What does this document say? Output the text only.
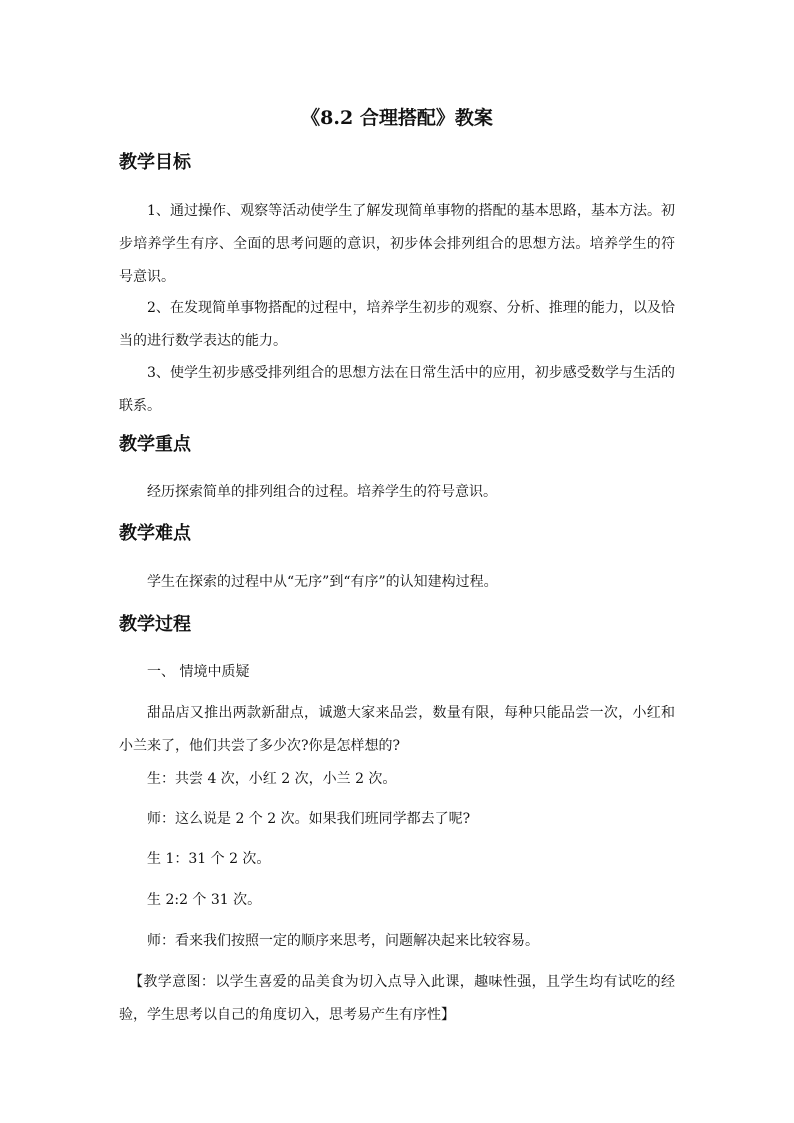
《8.2 合理搭配》教案
教学目标
1、通过操作、观察等活动使学生了解发现简单事物的搭配的基本思路，基本方法。初步培养学生有序、全面的思考问题的意识，初步体会排列组合的思想方法。培养学生的符号意识。
2、在发现简单事物搭配的过程中，培养学生初步的观察、分析、推理的能力，以及恰当的进行数学表达的能力。
3、使学生初步感受排列组合的思想方法在日常生活中的应用，初步感受数学与生活的联系。
教学重点
经历探索简单的排列组合的过程。培养学生的符号意识。
教学难点
学生在探索的过程中从“无序”到“有序”的认知建构过程。
教学过程
一、 情境中质疑
甜品店又推出两款新甜点，诚邀大家来品尝，数量有限，每种只能品尝一次，小红和小兰来了，他们共尝了多少次?你是怎样想的?
生：共尝 4 次，小红 2 次，小兰 2 次。
师：这么说是 2 个 2 次。如果我们班同学都去了呢?
生 1：31 个 2 次。
生 2:2 个 31 次。
师：看来我们按照一定的顺序来思考，问题解决起来比较容易。
【教学意图：以学生喜爱的品美食为切入点导入此课，趣味性强，且学生均有试吃的经验，学生思考以自己的角度切入，思考易产生有序性】
